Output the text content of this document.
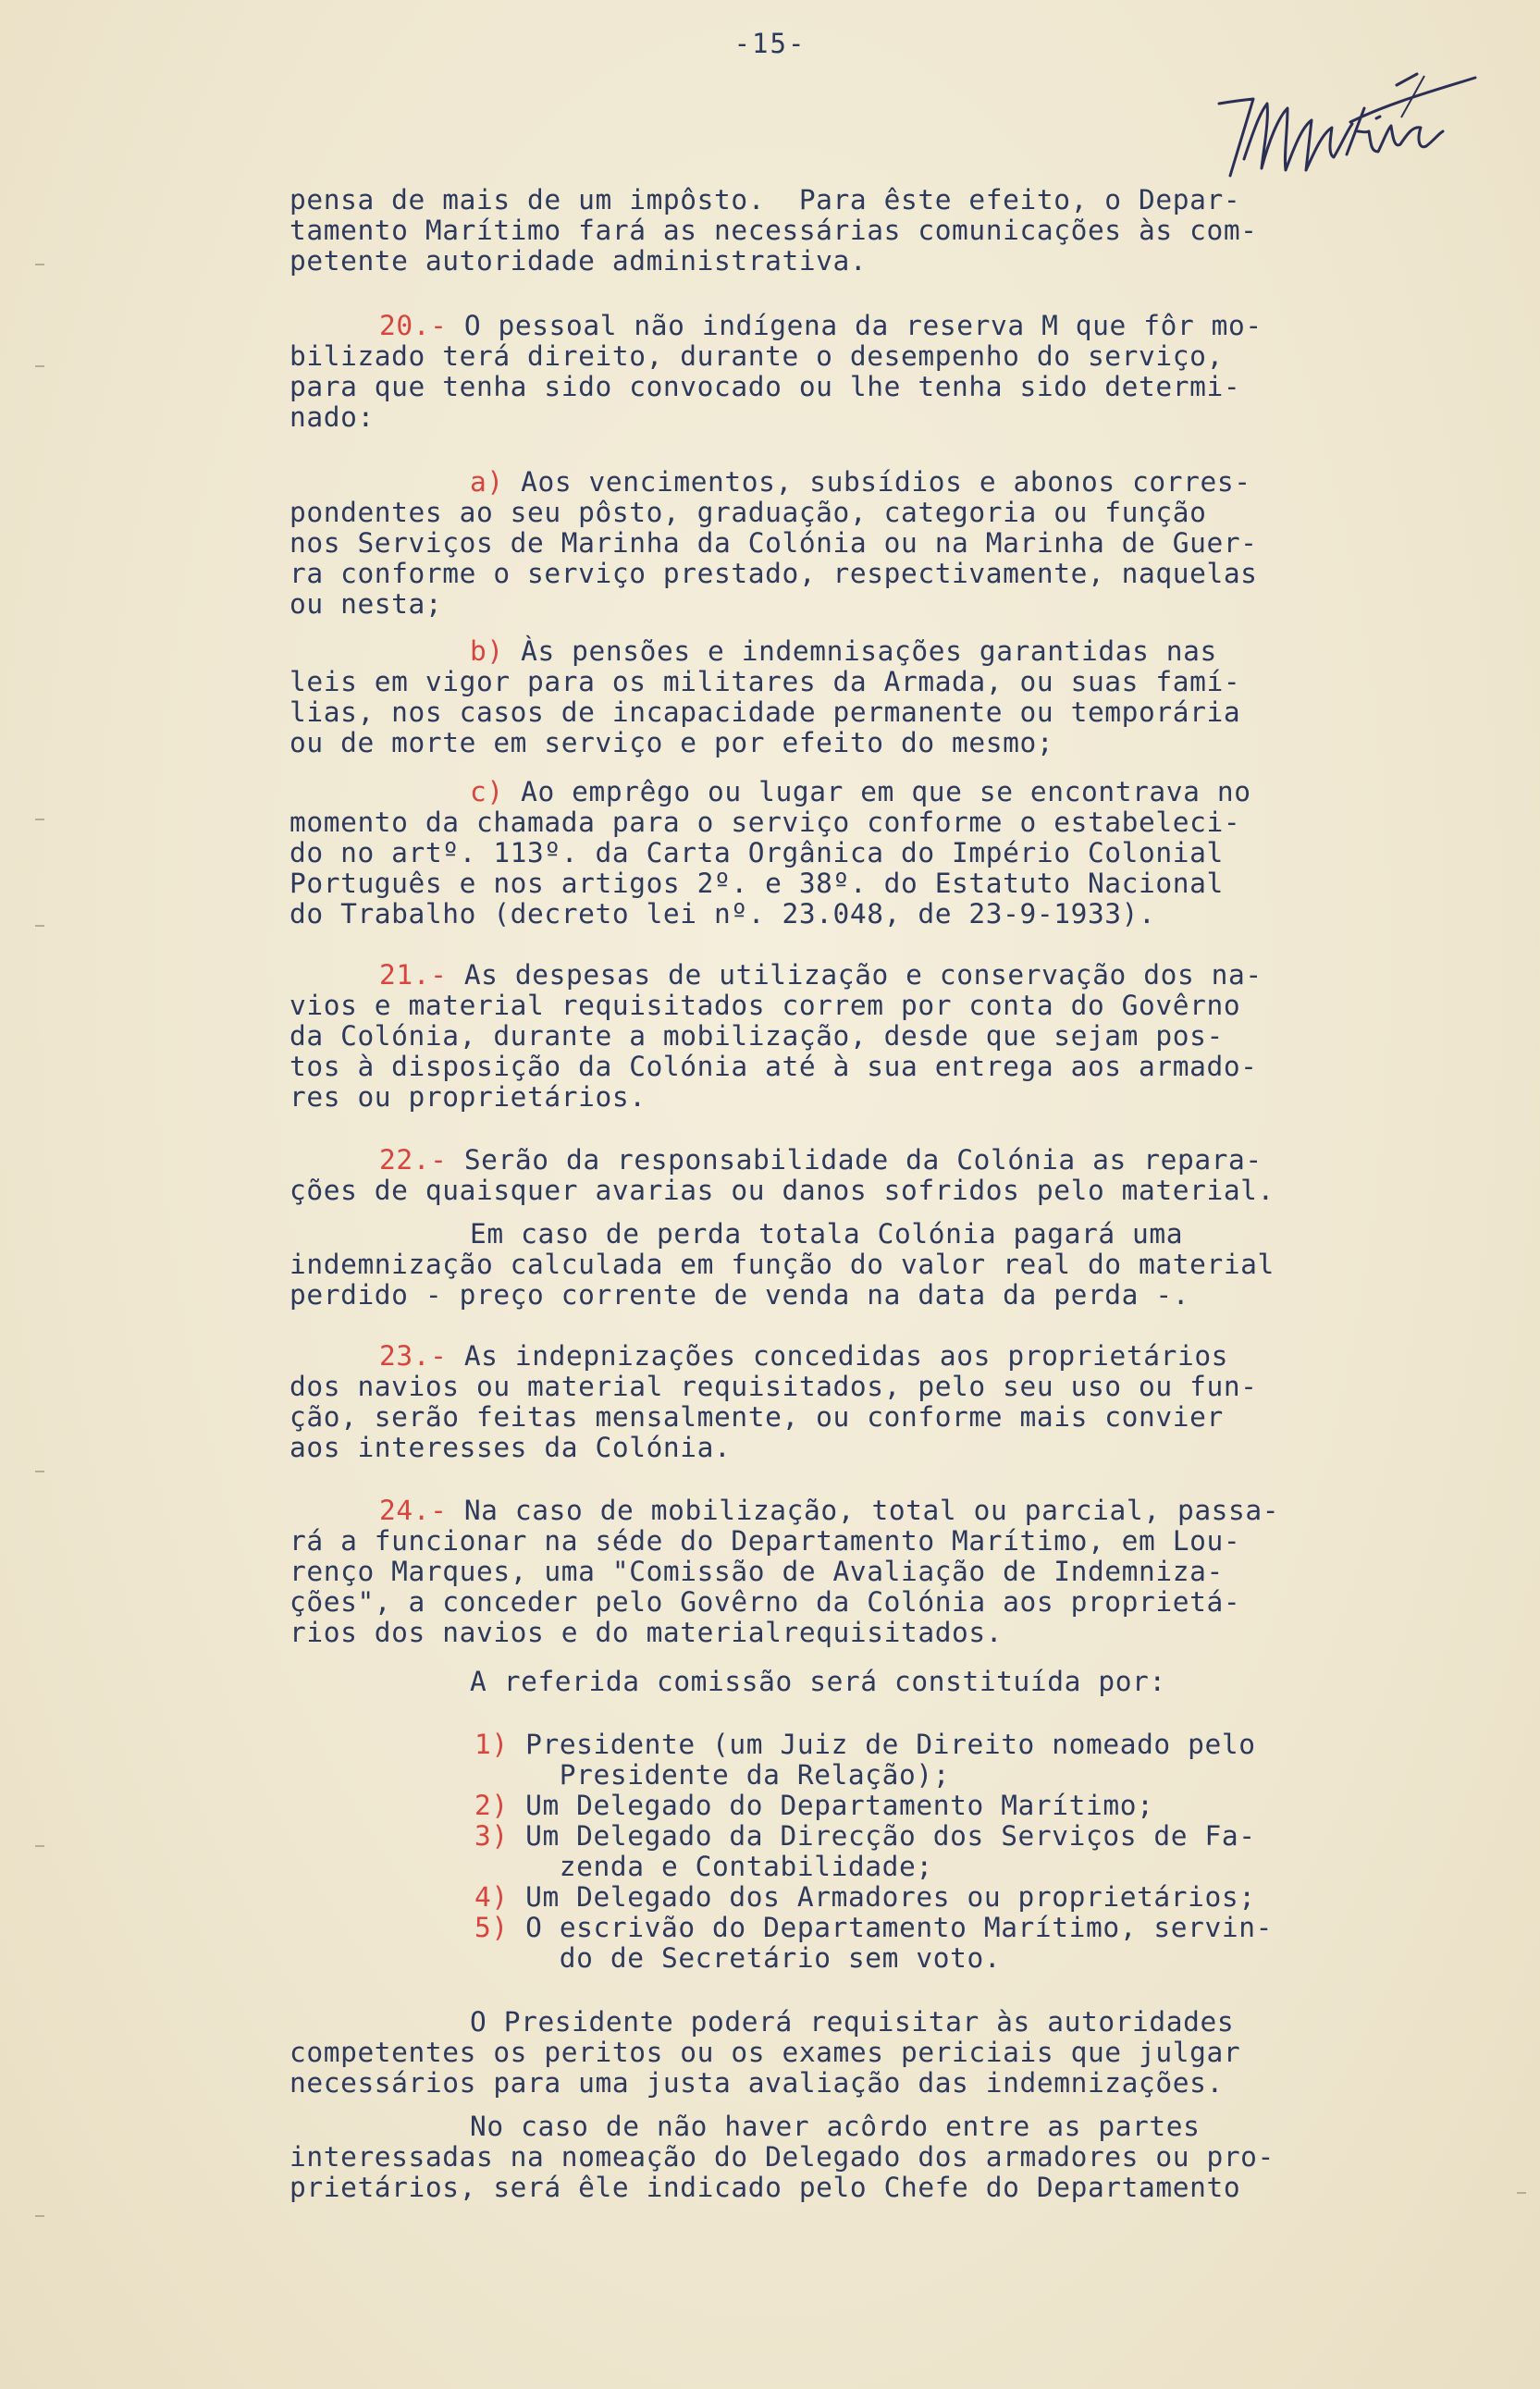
-15-
pensa de mais de um impôsto.  Para êste efeito, o Depar-
tamento Marítimo fará as necessárias comunicações às com-
petente autoridade administrativa.
20.- O pessoal não indígena da reserva M que fôr mo-
bilizado terá direito, durante o desempenho do serviço,
para que tenha sido convocado ou lhe tenha sido determi-
nado:
a) Aos vencimentos, subsídios e abonos corres-
pondentes ao seu pôsto, graduação, categoria ou função
nos Serviços de Marinha da Colónia ou na Marinha de Guer-
ra conforme o serviço prestado, respectivamente, naquelas
ou nesta;
b) Às pensões e indemnisações garantidas nas
leis em vigor para os militares da Armada, ou suas famí-
lias, nos casos de incapacidade permanente ou temporária
ou de morte em serviço e por efeito do mesmo;
c) Ao emprêgo ou lugar em que se encontrava no
momento da chamada para o serviço conforme o estabeleci-
do no artº. 113º. da Carta Orgânica do Império Colonial
Português e nos artigos 2º. e 38º. do Estatuto Nacional
do Trabalho (decreto lei nº. 23.048, de 23-9-1933).
21.- As despesas de utilização e conservação dos na-
vios e material requisitados correm por conta do Govêrno
da Colónia, durante a mobilização, desde que sejam pos-
tos à disposição da Colónia até à sua entrega aos armado-
res ou proprietários.
22.- Serão da responsabilidade da Colónia as repara-
ções de quaisquer avarias ou danos sofridos pelo material.
Em caso de perda totala Colónia pagará uma
indemnização calculada em função do valor real do material
perdido - preço corrente de venda na data da perda -.
23.- As indepnizações concedidas aos proprietários
dos navios ou material requisitados, pelo seu uso ou fun-
ção, serão feitas mensalmente, ou conforme mais convier
aos interesses da Colónia.
24.- Na caso de mobilização, total ou parcial, passa-
rá a funcionar na séde do Departamento Marítimo, em Lou-
renço Marques, uma "Comissão de Avaliação de Indemniza-
ções", a conceder pelo Govêrno da Colónia aos proprietá-
rios dos navios e do materialrequisitados.
A referida comissão será constituída por:
1) Presidente (um Juiz de Direito nomeado pelo
Presidente da Relação);
2) Um Delegado do Departamento Marítimo;
3) Um Delegado da Direcção dos Serviços de Fa-
zenda e Contabilidade;
4) Um Delegado dos Armadores ou proprietários;
5) O escrivão do Departamento Marítimo, servin-
do de Secretário sem voto.
O Presidente poderá requisitar às autoridades
competentes os peritos ou os exames periciais que julgar
necessários para uma justa avaliação das indemnizações.
No caso de não haver acôrdo entre as partes
interessadas na nomeação do Delegado dos armadores ou pro-
prietários, será êle indicado pelo Chefe do Departamento
